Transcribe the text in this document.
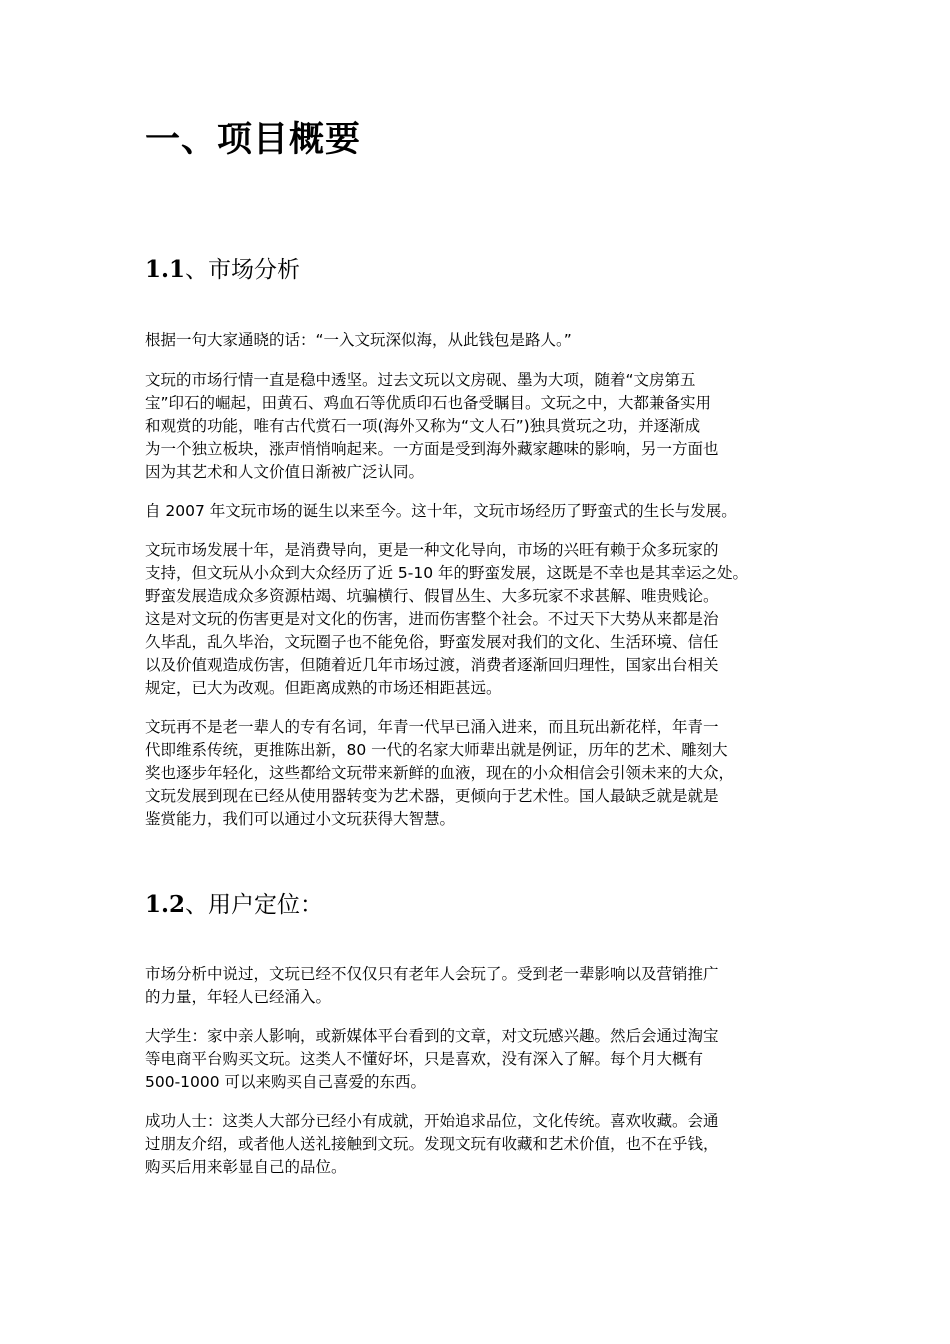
一、项目概要
1.1、市场分析
根据一句大家通晓的话：“一入文玩深似海，从此钱包是路人。”
文玩的市场行情一直是稳中透坚。过去文玩以文房砚、墨为大项，随着“文房第五
宝”印石的崛起，田黄石、鸡血石等优质印石也备受瞩目。文玩之中，大都兼备实用
和观赏的功能，唯有古代赏石一项(海外又称为“文人石”)独具赏玩之功，并逐渐成
为一个独立板块，涨声悄悄响起来。一方面是受到海外藏家趣味的影响，另一方面也
因为其艺术和人文价值日渐被广泛认同。
自 2007 年文玩市场的诞生以来至今。这十年，文玩市场经历了野蛮式的生长与发展。
文玩市场发展十年，是消费导向，更是一种文化导向，市场的兴旺有赖于众多玩家的
支持，但文玩从小众到大众经历了近 5-10 年的野蛮发展，这既是不幸也是其幸运之处。
野蛮发展造成众多资源枯竭、坑骗横行、假冒丛生、大多玩家不求甚解、唯贵贱论。
这是对文玩的伤害更是对文化的伤害，进而伤害整个社会。不过天下大势从来都是治
久毕乱，乱久毕治，文玩圈子也不能免俗，野蛮发展对我们的文化、生活环境、信任
以及价值观造成伤害，但随着近几年市场过渡，消费者逐渐回归理性，国家出台相关
规定，已大为改观。但距离成熟的市场还相距甚远。
文玩再不是老一辈人的专有名词，年青一代早已涌入进来，而且玩出新花样，年青一
代即维系传统，更推陈出新，80 一代的名家大师辈出就是例证，历年的艺术、雕刻大
奖也逐步年轻化，这些都给文玩带来新鲜的血液，现在的小众相信会引领未来的大众，
文玩发展到现在已经从使用器转变为艺术器，更倾向于艺术性。国人最缺乏就是就是
鉴赏能力，我们可以通过小文玩获得大智慧。
1.2、用户定位：
市场分析中说过，文玩已经不仅仅只有老年人会玩了。受到老一辈影响以及营销推广
的力量，年轻人已经涌入。
大学生：家中亲人影响，或新媒体平台看到的文章，对文玩感兴趣。然后会通过淘宝
等电商平台购买文玩。这类人不懂好坏，只是喜欢，没有深入了解。每个月大概有
500-1000 可以来购买自己喜爱的东西。
成功人士：这类人大部分已经小有成就，开始追求品位，文化传统。喜欢收藏。会通
过朋友介绍，或者他人送礼接触到文玩。发现文玩有收藏和艺术价值，也不在乎钱，
购买后用来彰显自己的品位。
